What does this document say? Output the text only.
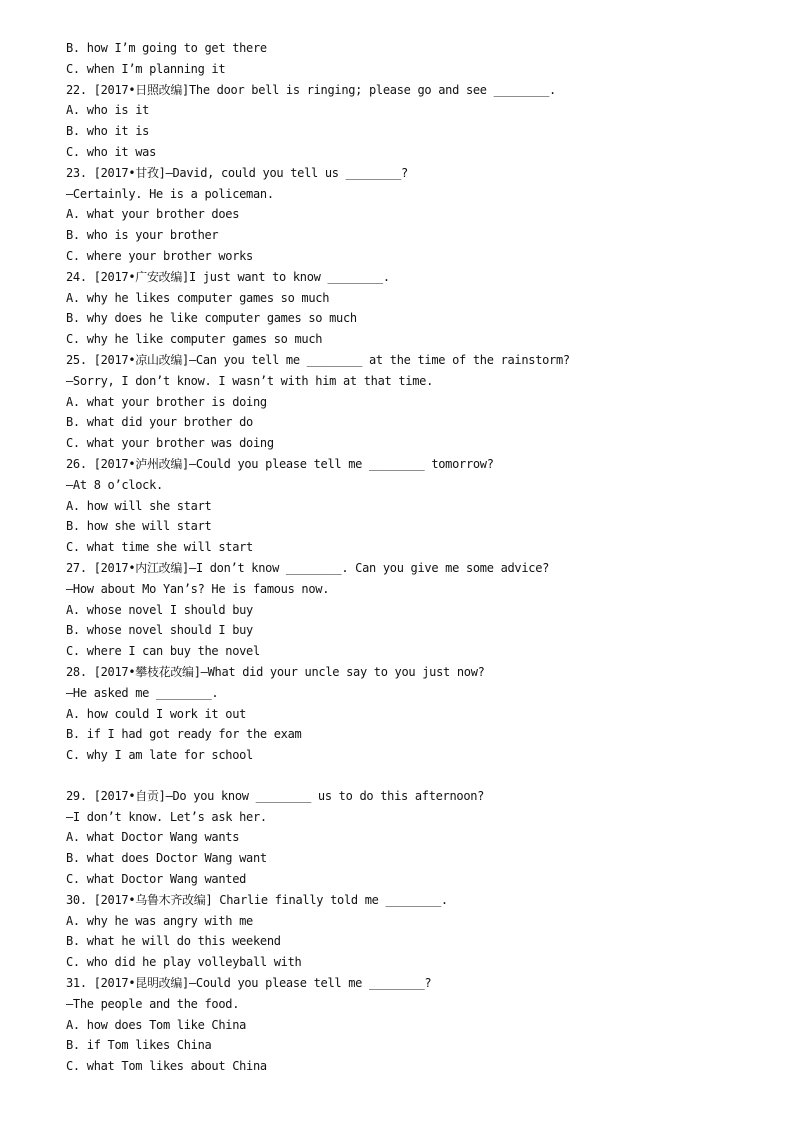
B. how I’m going to get there
C. when I’m planning it
22. [2017•日照改编]The door bell is ringing; please go and see ________.
A. who is it
B. who it is
C. who it was
23. [2017•甘孜]—David, could you tell us ________?
—Certainly. He is a policeman.
A. what your brother does
B. who is your brother
C. where your brother works
24. [2017•广安改编]I just want to know ________.
A. why he likes computer games so much
B. why does he like computer games so much
C. why he like computer games so much
25. [2017•凉山改编]—Can you tell me ________ at the time of the rainstorm?
—Sorry, I don’t know. I wasn’t with him at that time.
A. what your brother is doing
B. what did your brother do
C. what your brother was doing
26. [2017•泸州改编]—Could you please tell me ________ tomorrow?
—At 8 o’clock.
A. how will she start
B. how she will start
C. what time she will start
27. [2017•内江改编]—I don’t know ________. Can you give me some advice?
—How about Mo Yan’s? He is famous now.
A. whose novel I should buy
B. whose novel should I buy
C. where I can buy the novel
28. [2017•攀枝花改编]—What did your uncle say to you just now?
—He asked me ________.
A. how could I work it out
B. if I had got ready for the exam
C. why I am late for school
29. [2017•自贡]—Do you know ________ us to do this afternoon?
—I don’t know. Let’s ask her.
A. what Doctor Wang wants
B. what does Doctor Wang want
C. what Doctor Wang wanted
30. [2017•乌鲁木齐改编] Charlie finally told me ________.
A. why he was angry with me
B. what he will do this weekend
C. who did he play volleyball with
31. [2017•昆明改编]—Could you please tell me ________?
—The people and the food.
A. how does Tom like China
B. if Tom likes China
C. what Tom likes about China
